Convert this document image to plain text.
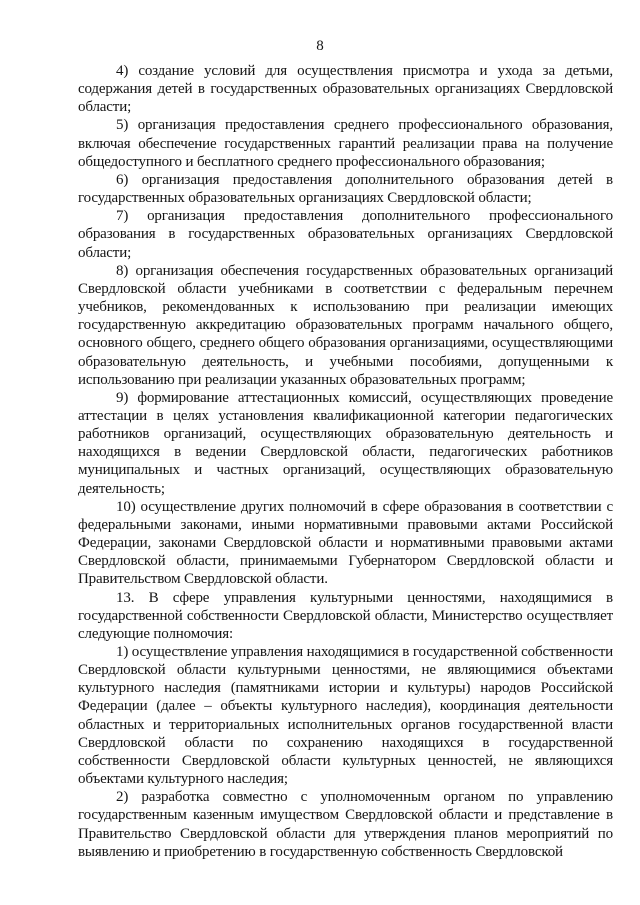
8

4) создание условий для осуществления присмотра и ухода за детьми, содержания детей в государственных образовательных организациях Свердловской области;

5) организация предоставления среднего профессионального образования, включая обеспечение государственных гарантий реализации права на получение общедоступного и бесплатного среднего профессионального образования;

6) организация предоставления дополнительного образования детей в государственных образовательных организациях Свердловской области;

7) организация предоставления дополнительного профессионального образования в государственных образовательных организациях Свердловской области;

8) организация обеспечения государственных образовательных организаций Свердловской области учебниками в соответствии с федеральным перечнем учебников, рекомендованных к использованию при реализации имеющих государственную аккредитацию образовательных программ начального общего, основного общего, среднего общего образования организациями, осуществляющими образовательную деятельность, и учебными пособиями, допущенными к использованию при реализации указанных образовательных программ;

9) формирование аттестационных комиссий, осуществляющих проведение аттестации в целях установления квалификационной категории педагогических работников организаций, осуществляющих образовательную деятельность и находящихся в ведении Свердловской области, педагогических работников муниципальных и частных организаций, осуществляющих образовательную деятельность;

10) осуществление других полномочий в сфере образования в соответствии с федеральными законами, иными нормативными правовыми актами Российской Федерации, законами Свердловской области и нормативными правовыми актами Свердловской области, принимаемыми Губернатором Свердловской области и Правительством Свердловской области.

13. В сфере управления культурными ценностями, находящимися в государственной собственности Свердловской области, Министерство осуществляет следующие полномочия:

1) осуществление управления находящимися в государственной собственности Свердловской области культурными ценностями, не являющимися объектами культурного наследия (памятниками истории и культуры) народов Российской Федерации (далее – объекты культурного наследия), координация деятельности областных и территориальных исполнительных органов государственной власти Свердловской области по сохранению находящихся в государственной собственности Свердловской области культурных ценностей, не являющихся объектами культурного наследия;

2) разработка совместно с уполномоченным органом по управлению государственным казенным имуществом Свердловской области и представление в Правительство Свердловской области для утверждения планов мероприятий по выявлению и приобретению в государственную собственность Свердловской
